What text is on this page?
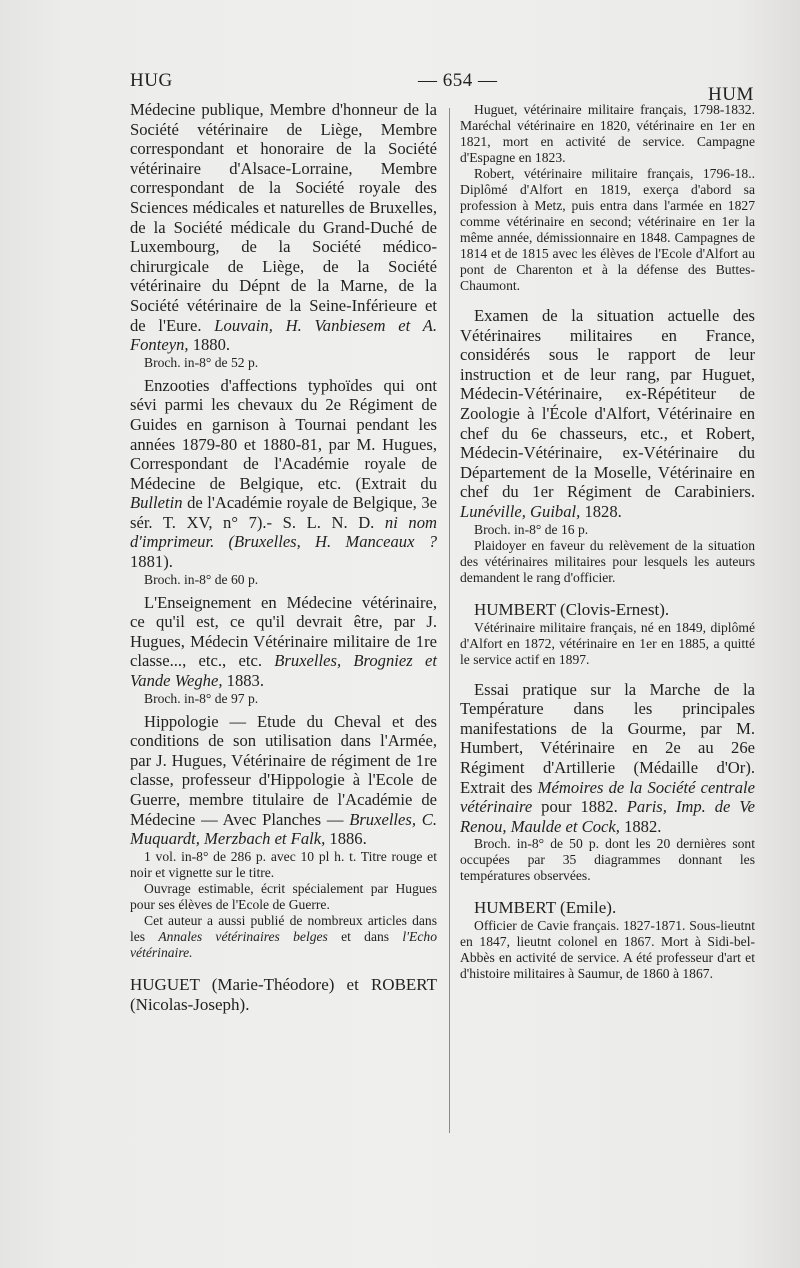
HUG	— 654 —
HUM

Médecine publique, Membre d'honneur de la Société vétérinaire de Liège, Membre correspondant et honoraire de la Société vétérinaire d'Alsace-Lorraine, Membre correspondant de la Société royale des Sciences médicales et naturelles de Bruxelles, de la Société médicale du Grand-Duché de Luxembourg, de la Société médico-chirurgicale de Liège, de la Société vétérinaire du Dépnt de la Marne, de la Société vétérinaire de la Seine-Inférieure et de l'Eure. Louvain, H. Vanbiesem et A. Fonteyn, 1880.

Broch. in-8° de 52 p.

Enzooties d'affections typhoïdes qui ont sévi parmi les chevaux du 2e Régiment de Guides en garnison à Tournai pendant les années 1879-80 et 1880-81, par M. Hugues, Correspondant de l'Académie royale de Médecine de Belgique, etc. (Extrait du Bulletin de l'Académie royale de Belgique, 3e sér. T. XV, n° 7).- S. L. N. D. ni nom d'imprimeur. (Bruxelles, H. Manceaux ? 1881).

Broch. in-8° de 60 p.

L'Enseignement en Médecine vétérinaire, ce qu'il est, ce qu'il devrait être, par J. Hugues, Médecin Vétérinaire militaire de 1re classe..., etc., etc. Bruxelles, Brogniez et Vande Weghe, 1883.

Broch. in-8° de 97 p.

Hippologie — Etude du Cheval et des conditions de son utilisation dans l'Armée, par J. Hugues, Vétérinaire de régiment de 1re classe, professeur d'Hippologie à l'Ecole de Guerre, membre titulaire de l'Académie de Médecine — Avec Planches — Bruxelles, C. Muquardt, Merzbach et Falk, 1886.

1 vol. in-8° de 286 p. avec 10 pl h. t. Titre rouge et noir et vignette sur le titre.

Ouvrage estimable, écrit spécialement par Hugues pour ses élèves de l'Ecole de Guerre.

Cet auteur a aussi publié de nombreux articles dans les Annales vétérinaires belges et dans l'Echo vétérinaire.

HUGUET (Marie-Théodore) et ROBERT (Nicolas-Joseph).

Huguet, vétérinaire militaire français, 1798-1832. Maréchal vétérinaire en 1820, vétérinaire en 1er en 1821, mort en activité de service. Campagne d'Espagne en 1823.

Robert, vétérinaire militaire français, 1796-18.. Diplômé d'Alfort en 1819, exerça d'abord sa profession à Metz, puis entra dans l'armée en 1827 comme vétérinaire en second; vétérinaire en 1er la même année, démissionnaire en 1848. Campagnes de 1814 et de 1815 avec les élèves de l'Ecole d'Alfort au pont de Charenton et à la défense des Buttes-Chaumont.

Examen de la situation actuelle des Vétérinaires militaires en France, considérés sous le rapport de leur instruction et de leur rang, par Huguet, Médecin-Vétérinaire, ex-Répétiteur de Zoologie à l'École d'Alfort, Vétérinaire en chef du 6e chasseurs, etc., et Robert, Médecin-Vétérinaire, ex-Vétérinaire du Département de la Moselle, Vétérinaire en chef du 1er Régiment de Carabiniers. Lunéville, Guibal, 1828.

Broch. in-8° de 16 p.

Plaidoyer en faveur du relèvement de la situation des vétérinaires militaires pour lesquels les auteurs demandent le rang d'officier.

HUMBERT (Clovis-Ernest).

Vétérinaire militaire français, né en 1849, diplômé d'Alfort en 1872, vétérinaire en 1er en 1885, a quitté le service actif en 1897.

Essai pratique sur la Marche de la Température dans les principales manifestations de la Gourme, par M. Humbert, Vétérinaire en 2e au 26e Régiment d'Artillerie (Médaille d'Or). Extrait des Mémoires de la Société centrale vétérinaire pour 1882. Paris, Imp. de Ve Renou, Maulde et Cock, 1882.

Broch. in-8° de 50 p. dont les 20 dernières sont occupées par 35 diagrammes donnant les températures observées.

HUMBERT (Emile).

Officier de Cavie français. 1827-1871. Sous-lieutnt en 1847, lieutnt colonel en 1867. Mort à Sidi-bel-Abbès en activité de service. A été professeur d'art et d'histoire militaires à Saumur, de 1860 à 1867.
